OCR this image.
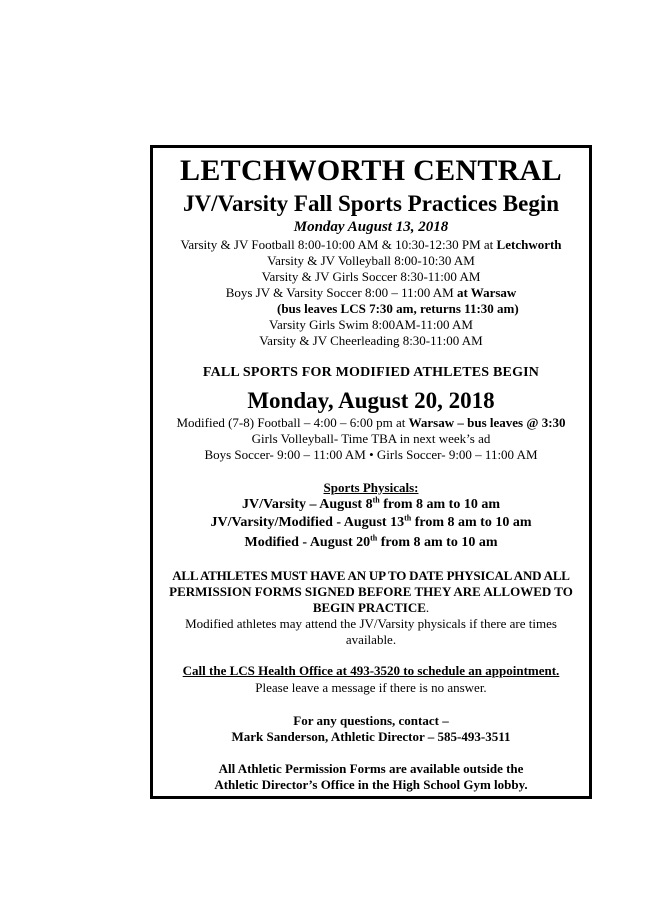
LETCHWORTH CENTRAL
JV/Varsity Fall Sports Practices Begin
Monday August 13, 2018
Varsity & JV Football 8:00-10:00 AM & 10:30-12:30 PM at Letchworth
Varsity & JV Volleyball 8:00-10:30 AM
Varsity & JV Girls Soccer 8:30-11:00 AM
Boys JV & Varsity Soccer 8:00 – 11:00 AM at Warsaw
(bus leaves LCS 7:30 am, returns 11:30 am)
Varsity Girls Swim 8:00AM-11:00 AM
Varsity & JV Cheerleading 8:30-11:00 AM
FALL SPORTS FOR MODIFIED ATHLETES BEGIN
Monday, August 20, 2018
Modified (7-8) Football – 4:00 – 6:00 pm at Warsaw – bus leaves @ 3:30
Girls Volleyball- Time TBA in next week’s ad
Boys Soccer- 9:00 – 11:00 AM • Girls Soccer- 9:00 – 11:00 AM
Sports Physicals:
JV/Varsity – August 8th from 8 am to 10 am
JV/Varsity/Modified - August 13th from 8 am to 10 am
Modified - August 20th from 8 am to 10 am
ALL ATHLETES MUST HAVE AN UP TO DATE PHYSICAL AND ALL
PERMISSION FORMS SIGNED BEFORE THEY ARE ALLOWED TO
BEGIN PRACTICE.
Modified athletes may attend the JV/Varsity physicals if there are times
available.
Call the LCS Health Office at 493-3520 to schedule an appointment.
Please leave a message if there is no answer.
For any questions, contact –
Mark Sanderson, Athletic Director – 585-493-3511
All Athletic Permission Forms are available outside the
Athletic Director’s Office in the High School Gym lobby.
